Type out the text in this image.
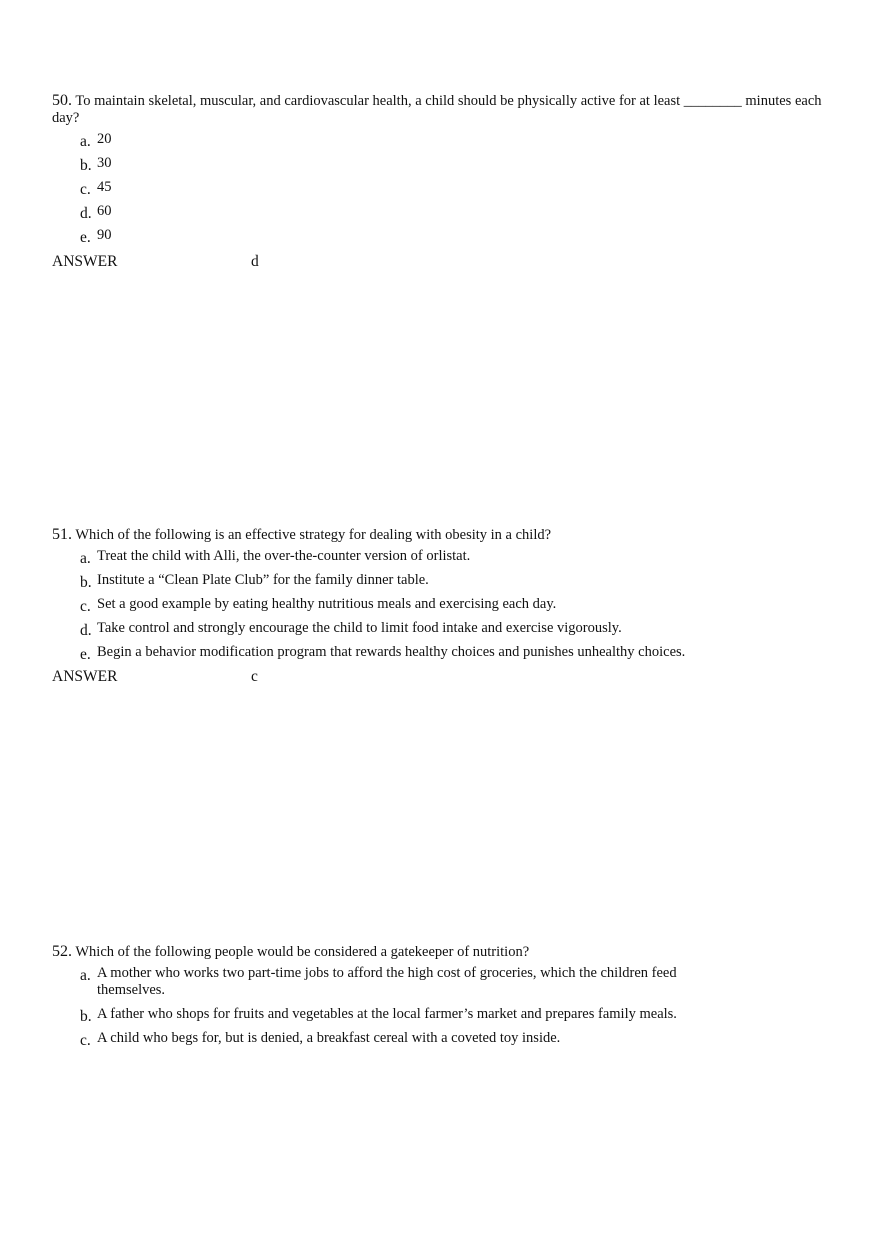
50. To maintain skeletal, muscular, and cardiovascular health, a child should be physically active for at least ________ minutes each day?
a. 20
b. 30
c. 45
d. 60
e. 90
ANSWER	d
51. Which of the following is an effective strategy for dealing with obesity in a child?
a. Treat the child with Alli, the over-the-counter version of orlistat.
b. Institute a “Clean Plate Club” for the family dinner table.
c. Set a good example by eating healthy nutritious meals and exercising each day.
d. Take control and strongly encourage the child to limit food intake and exercise vigorously.
e. Begin a behavior modification program that rewards healthy choices and punishes unhealthy choices.
ANSWER	c
52. Which of the following people would be considered a gatekeeper of nutrition?
a. A mother who works two part-time jobs to afford the high cost of groceries, which the children feed themselves.
b. A father who shops for fruits and vegetables at the local farmer’s market and prepares family meals.
c. A child who begs for, but is denied, a breakfast cereal with a coveted toy inside.
